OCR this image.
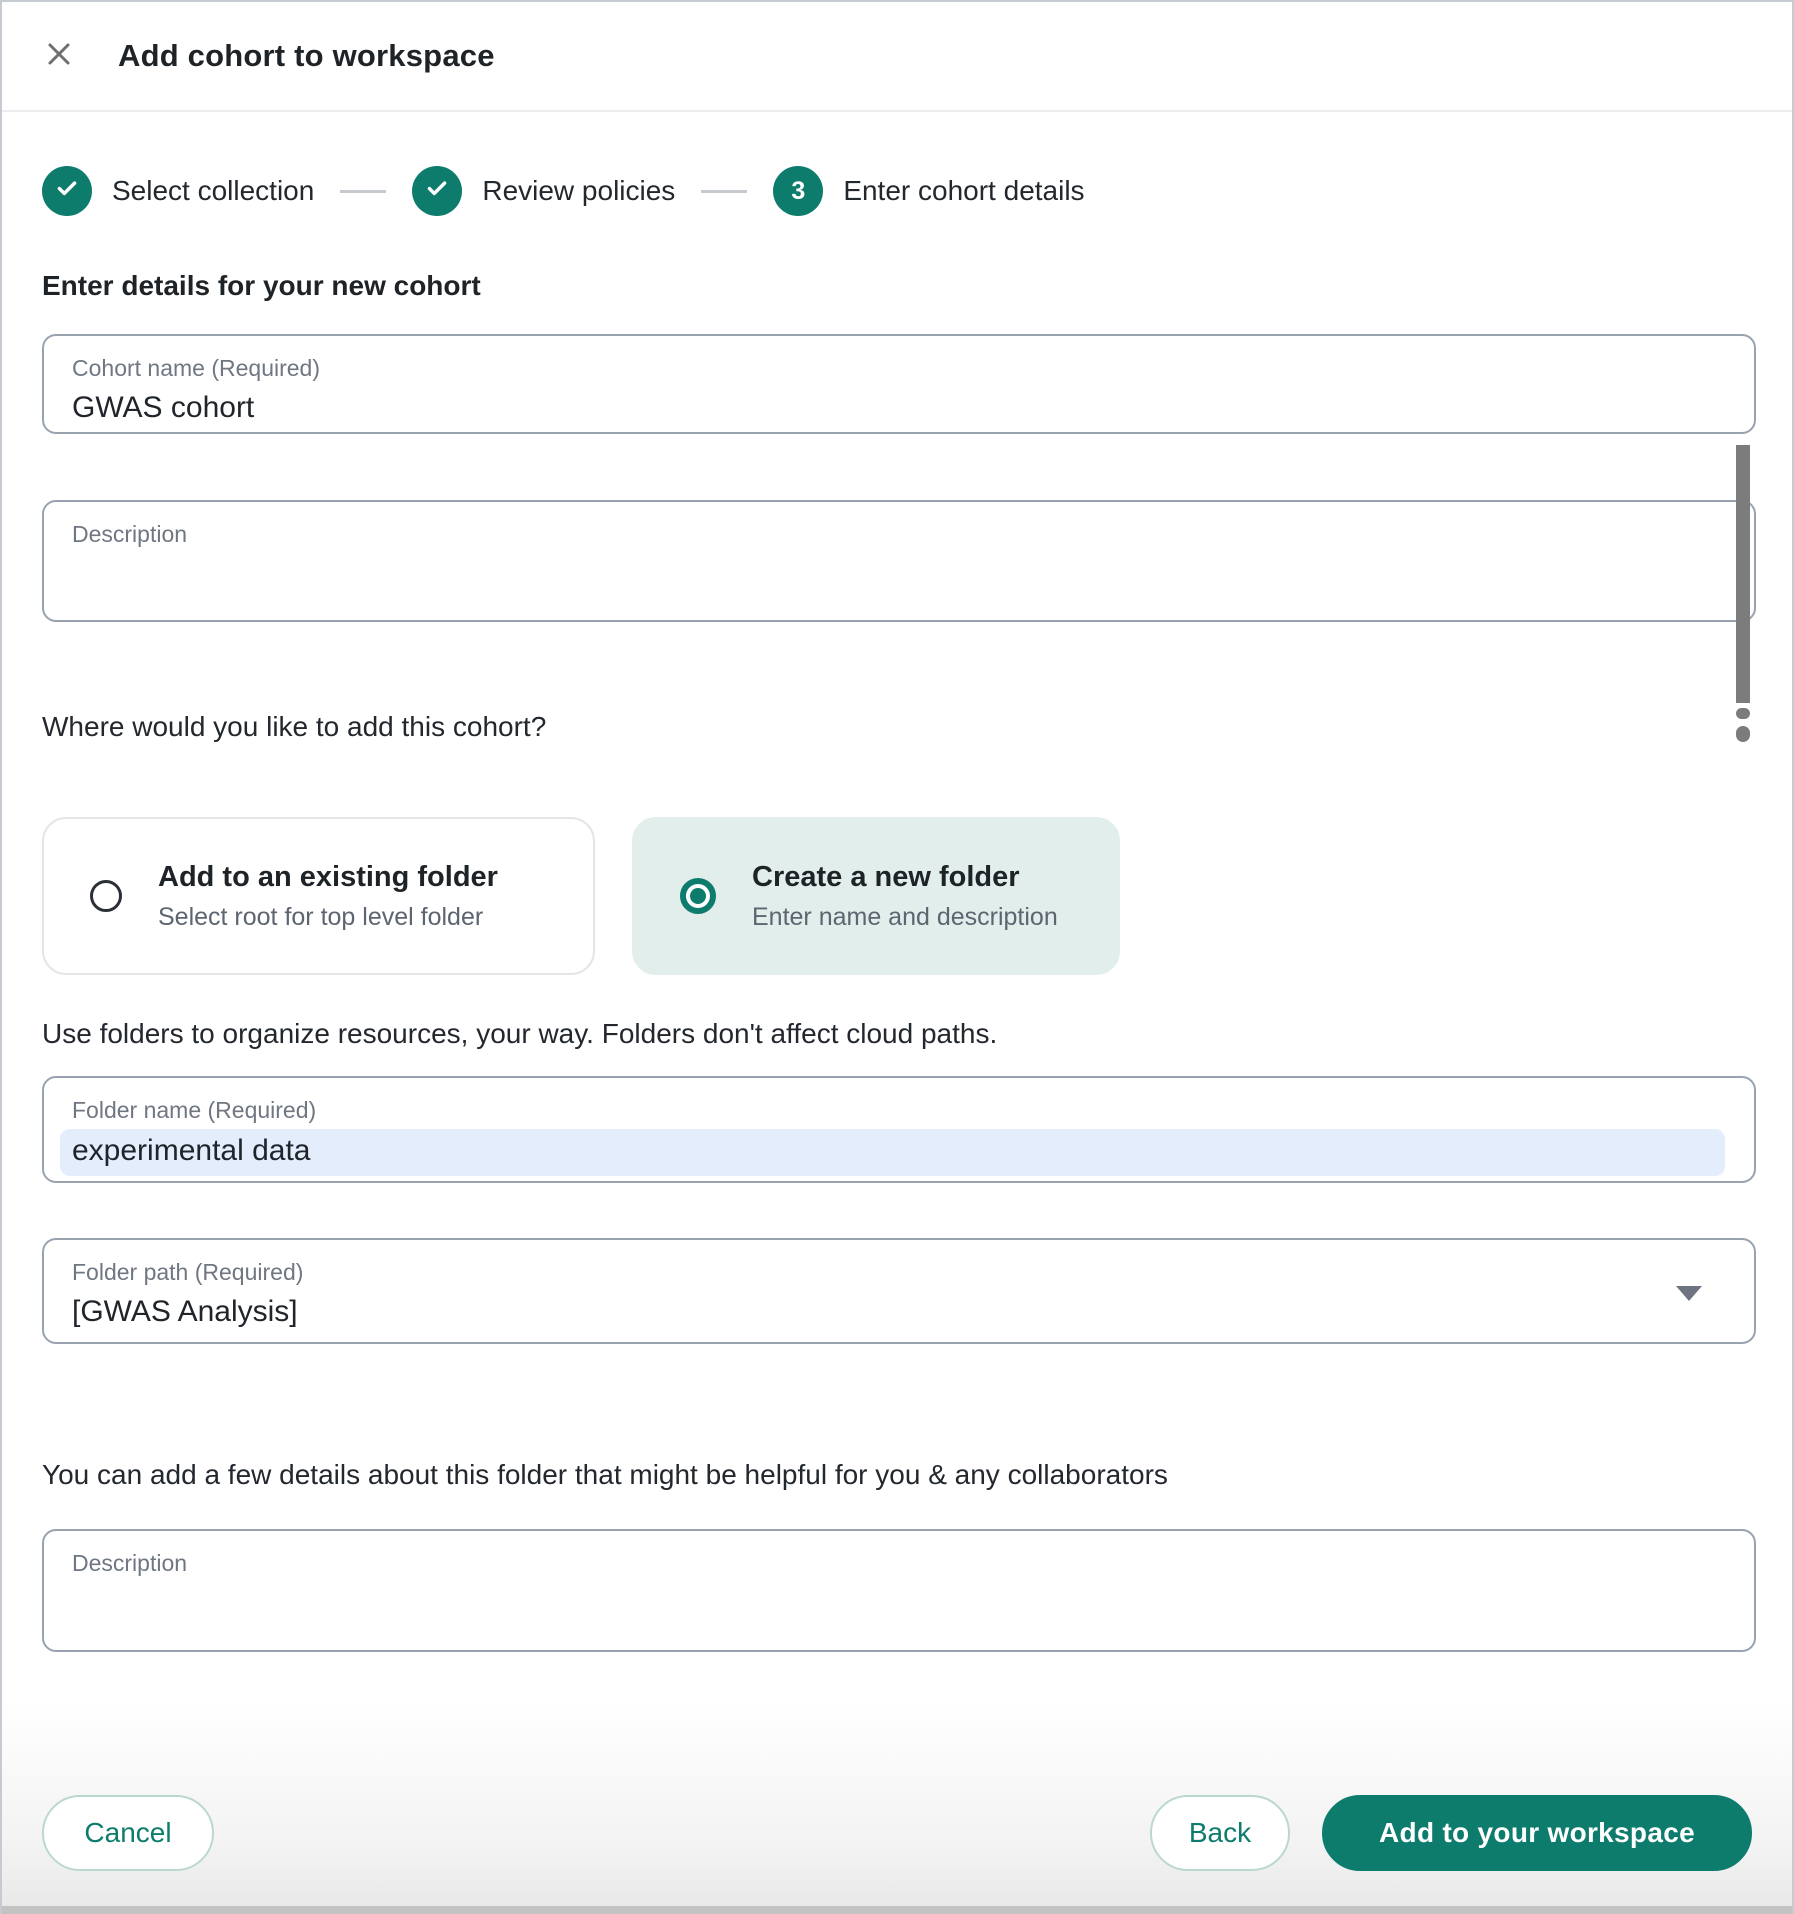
Add cohort to workspace
Select collection	Review policies	3	Enter cohort details
Enter details for your new cohort
Cohort name (Required)
GWAS cohort
Description
Where would you like to add this cohort?
Add to an existing folder
Select root for top level folder
Create a new folder
Enter name and description
Use folders to organize resources, your way. Folders don't affect cloud paths.
Folder name (Required)
experimental data
Folder path (Required)
[GWAS Analysis]
You can add a few details about this folder that might be helpful for you & any collaborators
Description
Cancel	Back	Add to your workspace
